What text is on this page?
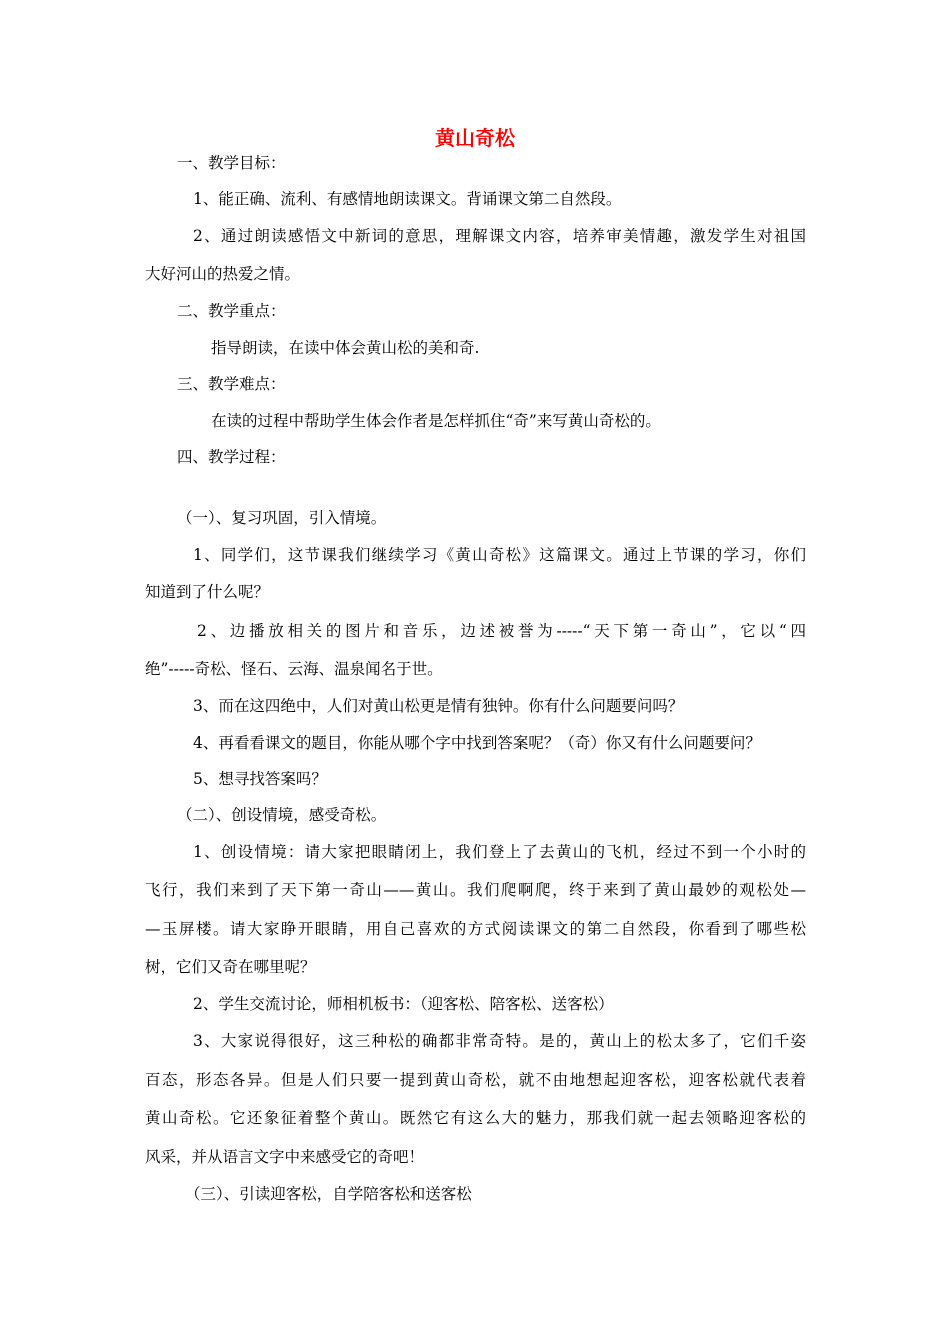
黄山奇松
一、教学目标：
1、能正确、流利、有感情地朗读课文。背诵课文第二自然段。
2、通过朗读感悟文中新词的意思，理解课文内容，培养审美情趣，激发学生对祖国
大好河山的热爱之情。
二、教学重点：
指导朗读，在读中体会黄山松的美和奇.
三、教学难点：
在读的过程中帮助学生体会作者是怎样抓住“奇”来写黄山奇松的。
四、教学过程：
（一）、复习巩固，引入情境。
1、同学们，这节课我们继续学习《黄山奇松》这篇课文。通过上节课的学习，你们
知道到了什么呢？
2、边播放相关的图片和音乐，边述被誉为-----“天下第一奇山”，它以“四
绝”-----奇松、怪石、云海、温泉闻名于世。
3、而在这四绝中，人们对黄山松更是情有独钟。你有什么问题要问吗？
4、再看看课文的题目，你能从哪个字中找到答案呢？（奇）你又有什么问题要问？
5、想寻找答案吗？
（二）、创设情境，感受奇松。
1、创设情境：请大家把眼睛闭上，我们登上了去黄山的飞机，经过不到一个小时的
飞行，我们来到了天下第一奇山——黄山。我们爬啊爬，终于来到了黄山最妙的观松处—
—玉屏楼。请大家睁开眼睛，用自己喜欢的方式阅读课文的第二自然段，你看到了哪些松
树，它们又奇在哪里呢？
2、学生交流讨论，师相机板书：（迎客松、陪客松、送客松）
3、大家说得很好，这三种松的确都非常奇特。是的，黄山上的松太多了，它们千姿
百态，形态各异。但是人们只要一提到黄山奇松，就不由地想起迎客松，迎客松就代表着
黄山奇松。它还象征着整个黄山。既然它有这么大的魅力，那我们就一起去领略迎客松的
风采，并从语言文字中来感受它的奇吧！
（三）、引读迎客松，自学陪客松和送客松
